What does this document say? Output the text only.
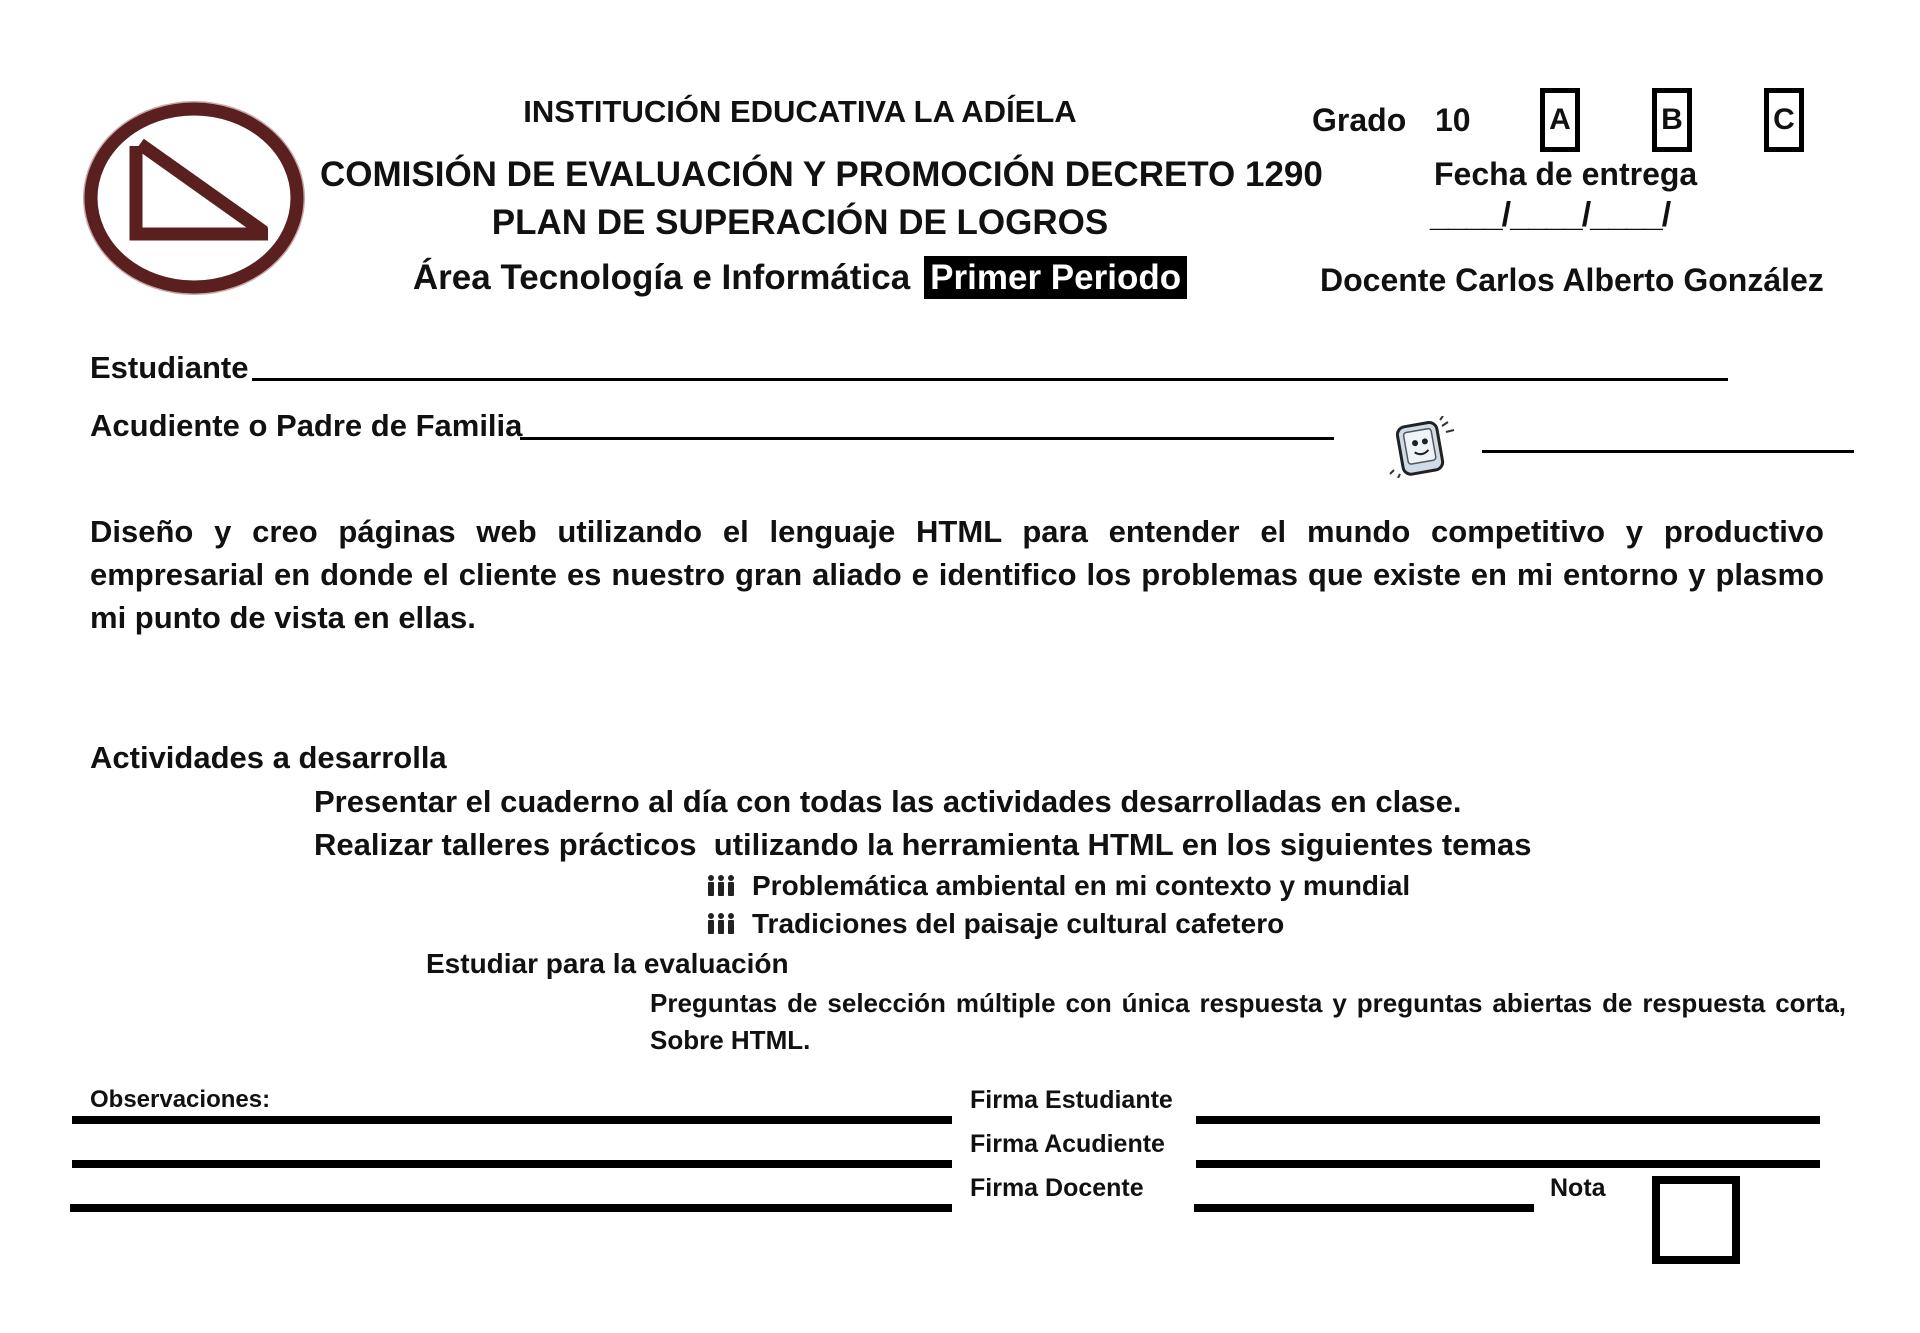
INSTITUCIÓN EDUCATIVA LA ADÍELA
COMISIÓN DE EVALUACIÓN Y PROMOCIÓN DECRETO 1290
PLAN DE SUPERACIÓN DE LOGROS
Área Tecnología e Informática Primer Periodo
Grado 10	A	B	C
Fecha de entrega
____/____/____/
Docente Carlos Alberto González
Estudiante
Acudiente o Padre de Familia
Diseño y creo páginas web utilizando el lenguaje HTML para entender el mundo competitivo y productivo empresarial en donde el cliente es nuestro gran aliado e identifico los problemas que existe en mi entorno y plasmo mi punto de vista en ellas.
Actividades a desarrolla
Presentar el cuaderno al día con todas las actividades desarrolladas en clase.
Realizar talleres prácticos  utilizando la herramienta HTML en los siguientes temas
Problemática ambiental en mi contexto y mundial
Tradiciones del paisaje cultural cafetero
Estudiar para la evaluación
Preguntas de selección múltiple con única respuesta y preguntas abiertas de respuesta corta, Sobre HTML.
Observaciones:	Firma Estudiante
Firma Acudiente
Firma Docente	Nota
